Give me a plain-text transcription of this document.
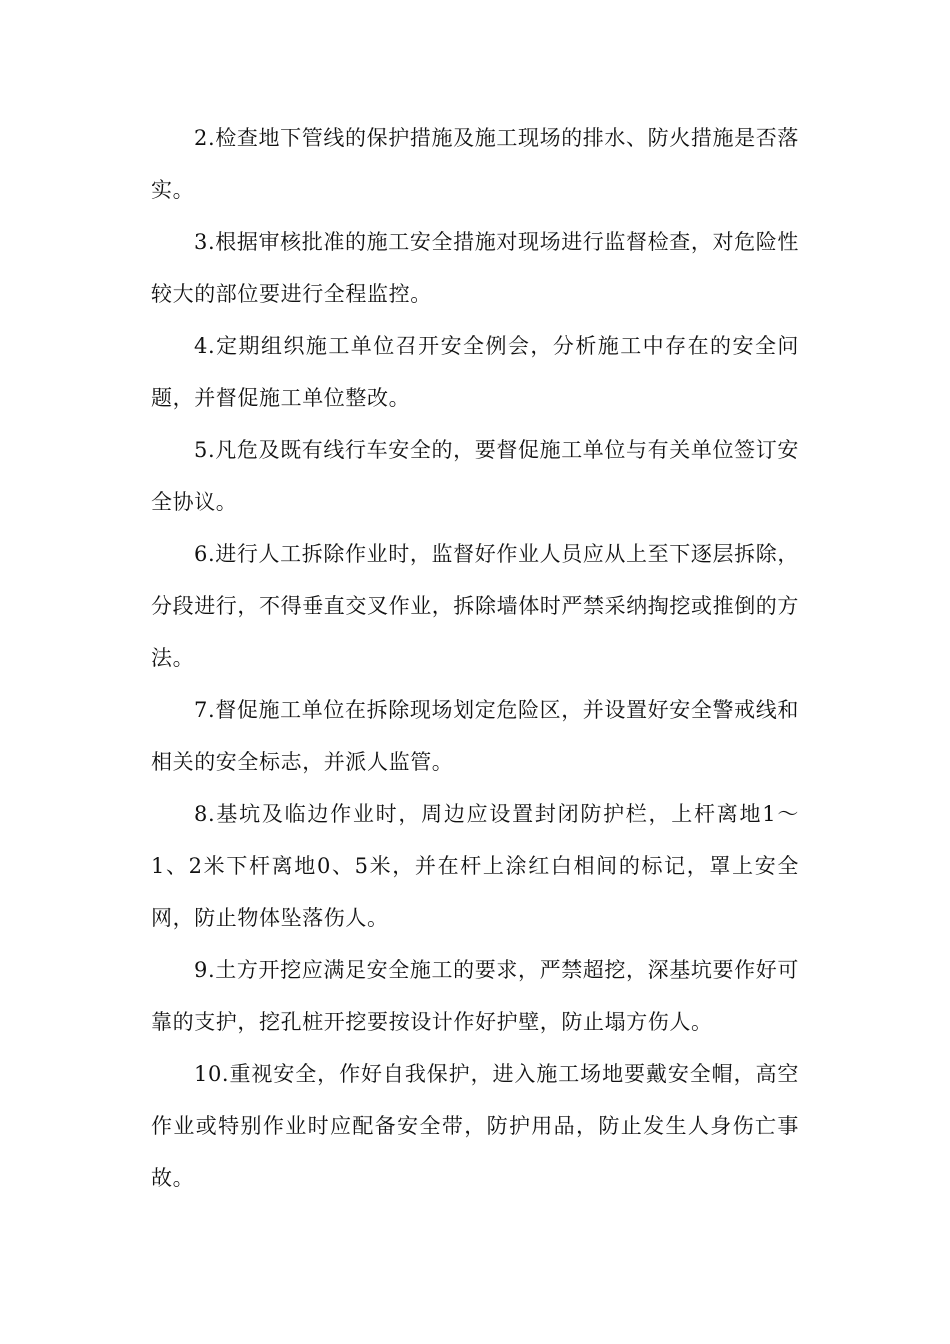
2.检查地下管线的保护措施及施工现场的排水、防火措施是否落实。

3.根据审核批准的施工安全措施对现场进行监督检查，对危险性较大的部位要进行全程监控。

4.定期组织施工单位召开安全例会，分析施工中存在的安全问题，并督促施工单位整改。

5.凡危及既有线行车安全的，要督促施工单位与有关单位签订安全协议。

6.进行人工拆除作业时，监督好作业人员应从上至下逐层拆除，分段进行，不得垂直交叉作业，拆除墙体时严禁采纳掏挖或推倒的方法。

7.督促施工单位在拆除现场划定危险区，并设置好安全警戒线和相关的安全标志，并派人监管。

8.基坑及临边作业时，周边应设置封闭防护栏，上杆离地1～1、2米下杆离地0、5米，并在杆上涂红白相间的标记，罩上安全网，防止物体坠落伤人。

9.土方开挖应满足安全施工的要求，严禁超挖，深基坑要作好可靠的支护，挖孔桩开挖要按设计作好护壁，防止塌方伤人。

10.重视安全，作好自我保护，进入施工场地要戴安全帽，高空作业或特别作业时应配备安全带，防护用品，防止发生人身伤亡事故。
